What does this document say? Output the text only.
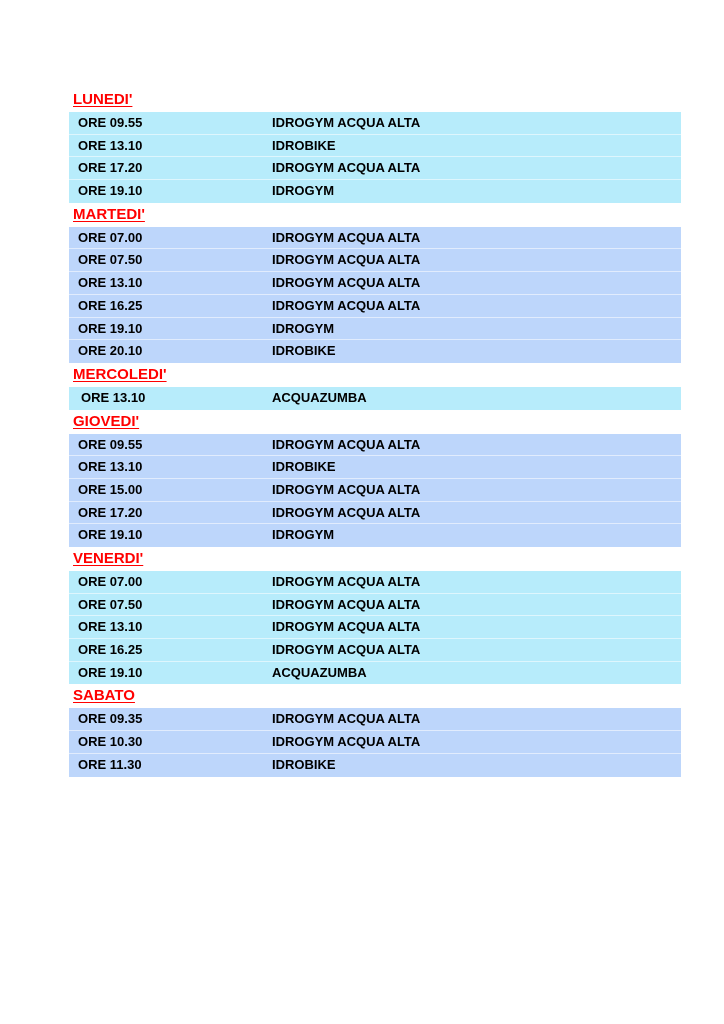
LUNEDI'
ORE 09.55	IDROGYM ACQUA ALTA
ORE 13.10	IDROBIKE
ORE 17.20	IDROGYM ACQUA ALTA
ORE 19.10	IDROGYM
MARTEDI'
ORE 07.00	IDROGYM ACQUA ALTA
ORE 07.50	IDROGYM ACQUA ALTA
ORE 13.10	IDROGYM ACQUA ALTA
ORE 16.25	IDROGYM ACQUA ALTA
ORE 19.10	IDROGYM
ORE 20.10	IDROBIKE
MERCOLEDI'
ORE 13.10	ACQUAZUMBA
GIOVEDI'
ORE 09.55	IDROGYM ACQUA ALTA
ORE 13.10	IDROBIKE
ORE 15.00	IDROGYM ACQUA ALTA
ORE 17.20	IDROGYM ACQUA ALTA
ORE 19.10	IDROGYM
VENERDI'
ORE 07.00	IDROGYM ACQUA ALTA
ORE 07.50	IDROGYM ACQUA ALTA
ORE 13.10	IDROGYM ACQUA ALTA
ORE 16.25	IDROGYM ACQUA ALTA
ORE 19.10	ACQUAZUMBA
SABATO
ORE 09.35	IDROGYM ACQUA ALTA
ORE 10.30	IDROGYM ACQUA ALTA
ORE 11.30	IDROBIKE
